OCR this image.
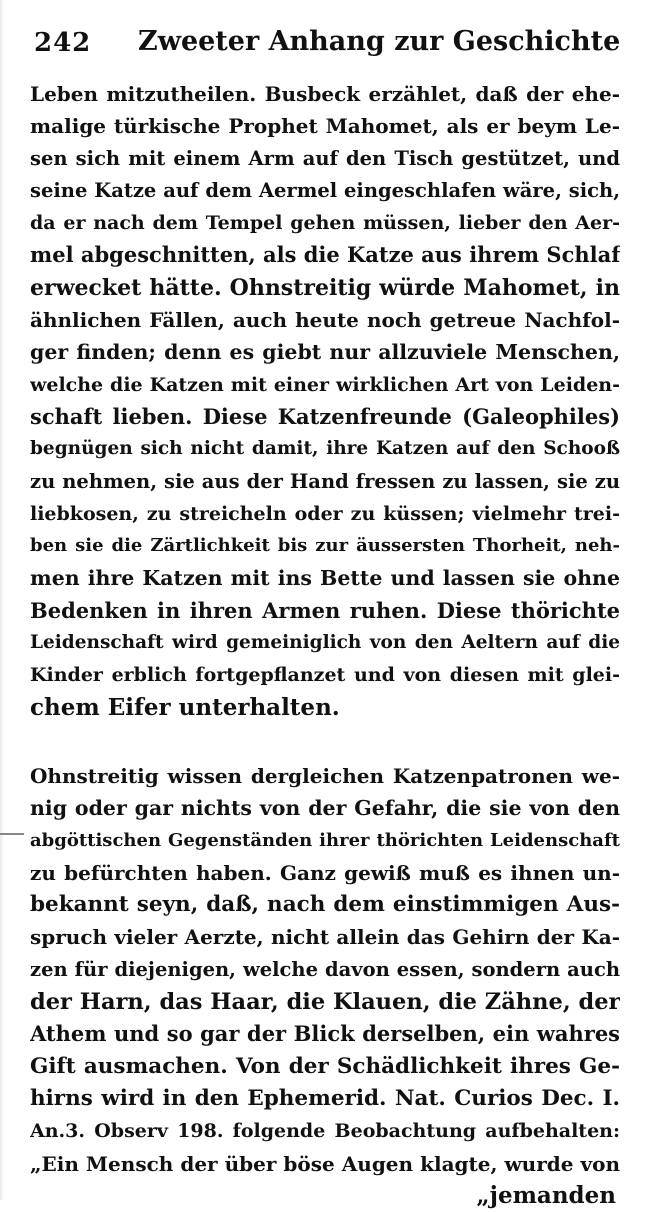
242 Zweeter Anhang zur Geschichte
Leben mitzutheilen. Busbeck erzählet, daß der ehe-
malige türkische Prophet Mahomet, als er beym Le-
sen sich mit einem Arm auf den Tisch gestützet, und
seine Katze auf dem Aermel eingeschlafen wäre, sich,
da er nach dem Tempel gehen müssen, lieber den Aer-
mel abgeschnitten, als die Katze aus ihrem Schlaf
erwecket hätte. Ohnstreitig würde Mahomet, in
ähnlichen Fällen, auch heute noch getreue Nachfol-
ger finden; denn es giebt nur allzuviele Menschen,
welche die Katzen mit einer wirklichen Art von Leiden-
schaft lieben. Diese Katzenfreunde (Galeophiles)
begnügen sich nicht damit, ihre Katzen auf den Schooß
zu nehmen, sie aus der Hand fressen zu lassen, sie zu
liebkosen, zu streicheln oder zu küssen; vielmehr trei-
ben sie die Zärtlichkeit bis zur äussersten Thorheit, neh-
men ihre Katzen mit ins Bette und lassen sie ohne
Bedenken in ihren Armen ruhen. Diese thörichte
Leidenschaft wird gemeiniglich von den Aeltern auf die
Kinder erblich fortgepflanzet und von diesen mit glei-
chem Eifer unterhalten.
Ohnstreitig wissen dergleichen Katzenpatronen we-
nig oder gar nichts von der Gefahr, die sie von den
abgöttischen Gegenständen ihrer thörichten Leidenschaft
zu befürchten haben. Ganz gewiß muß es ihnen un-
bekannt seyn, daß, nach dem einstimmigen Aus-
spruch vieler Aerzte, nicht allein das Gehirn der Ka-
zen für diejenigen, welche davon essen, sondern auch
der Harn, das Haar, die Klauen, die Zähne, der
Athem und so gar der Blick derselben, ein wahres
Gift ausmachen. Von der Schädlichkeit ihres Ge-
hirns wird in den Ephemerid. Nat. Curios Dec. I.
An.3. Observ 198. folgende Beobachtung aufbehalten:
„Ein Mensch der über böse Augen klagte, wurde von
„jemanden
